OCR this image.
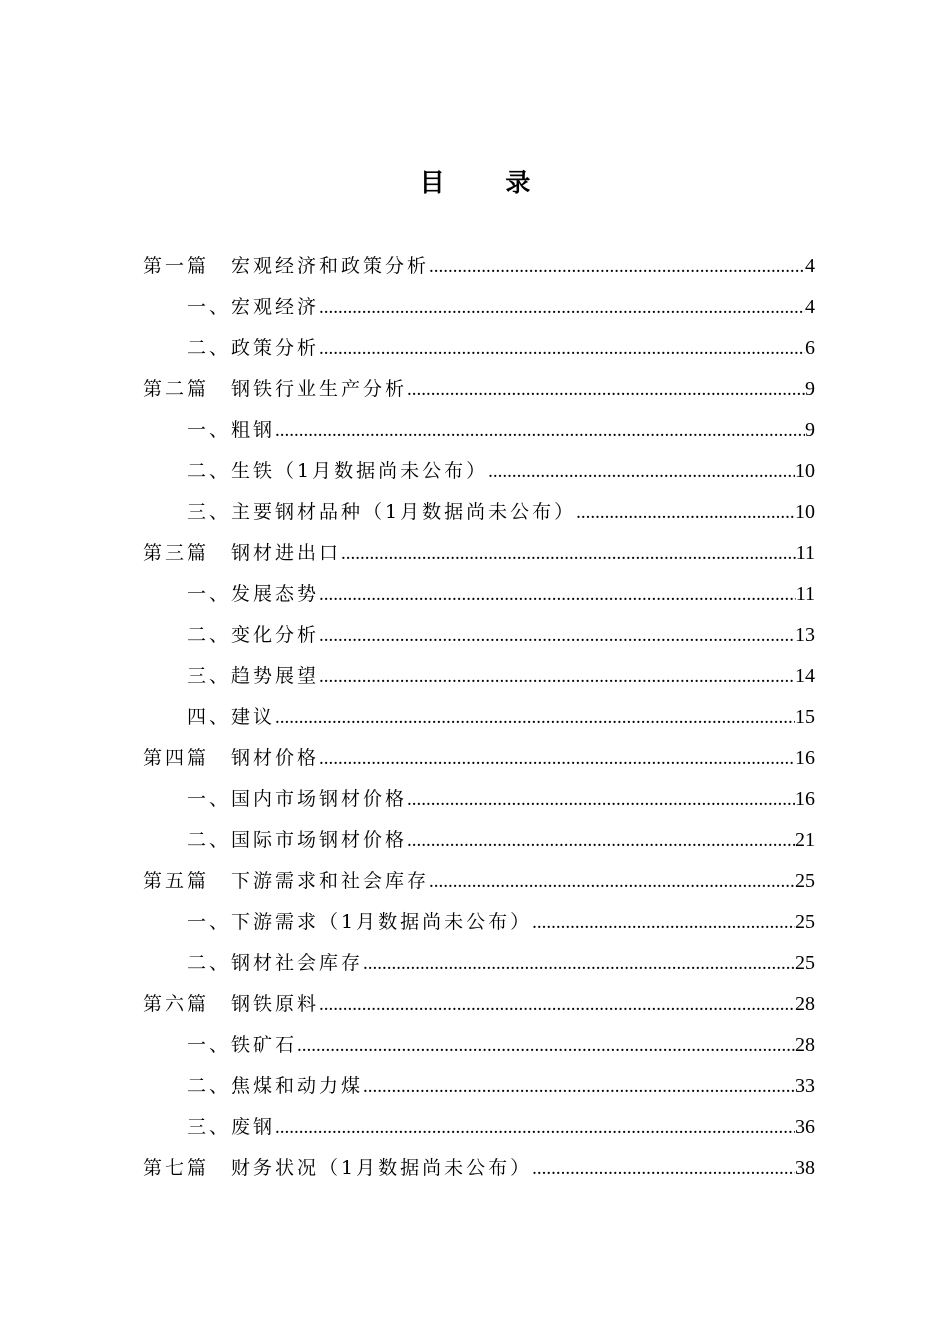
目 录
第一篇 宏观经济和政策分析 .....	4
一、 宏观经济 .....	4
二、 政策分析 .....	6
第二篇 钢铁行业生产分析 .....	9
一、 粗钢 .....	9
二、 生铁（1月数据尚未公布） .....	10
三、 主要钢材品种（1月数据尚未公布） .....	10
第三篇 钢材进出口 .....	11
一、 发展态势 .....	11
二、 变化分析 .....	13
三、 趋势展望 .....	14
四、 建议 .....	15
第四篇 钢材价格 .....	16
一、 国内市场钢材价格 .....	16
二、 国际市场钢材价格 .....	21
第五篇 下游需求和社会库存 .....	25
一、 下游需求（1月数据尚未公布） .....	25
二、 钢材社会库存 .....	25
第六篇 钢铁原料 .....	28
一、 铁矿石 .....	28
二、 焦煤和动力煤 .....	33
三、 废钢 .....	36
第七篇 财务状况（1月数据尚未公布） .....	38
